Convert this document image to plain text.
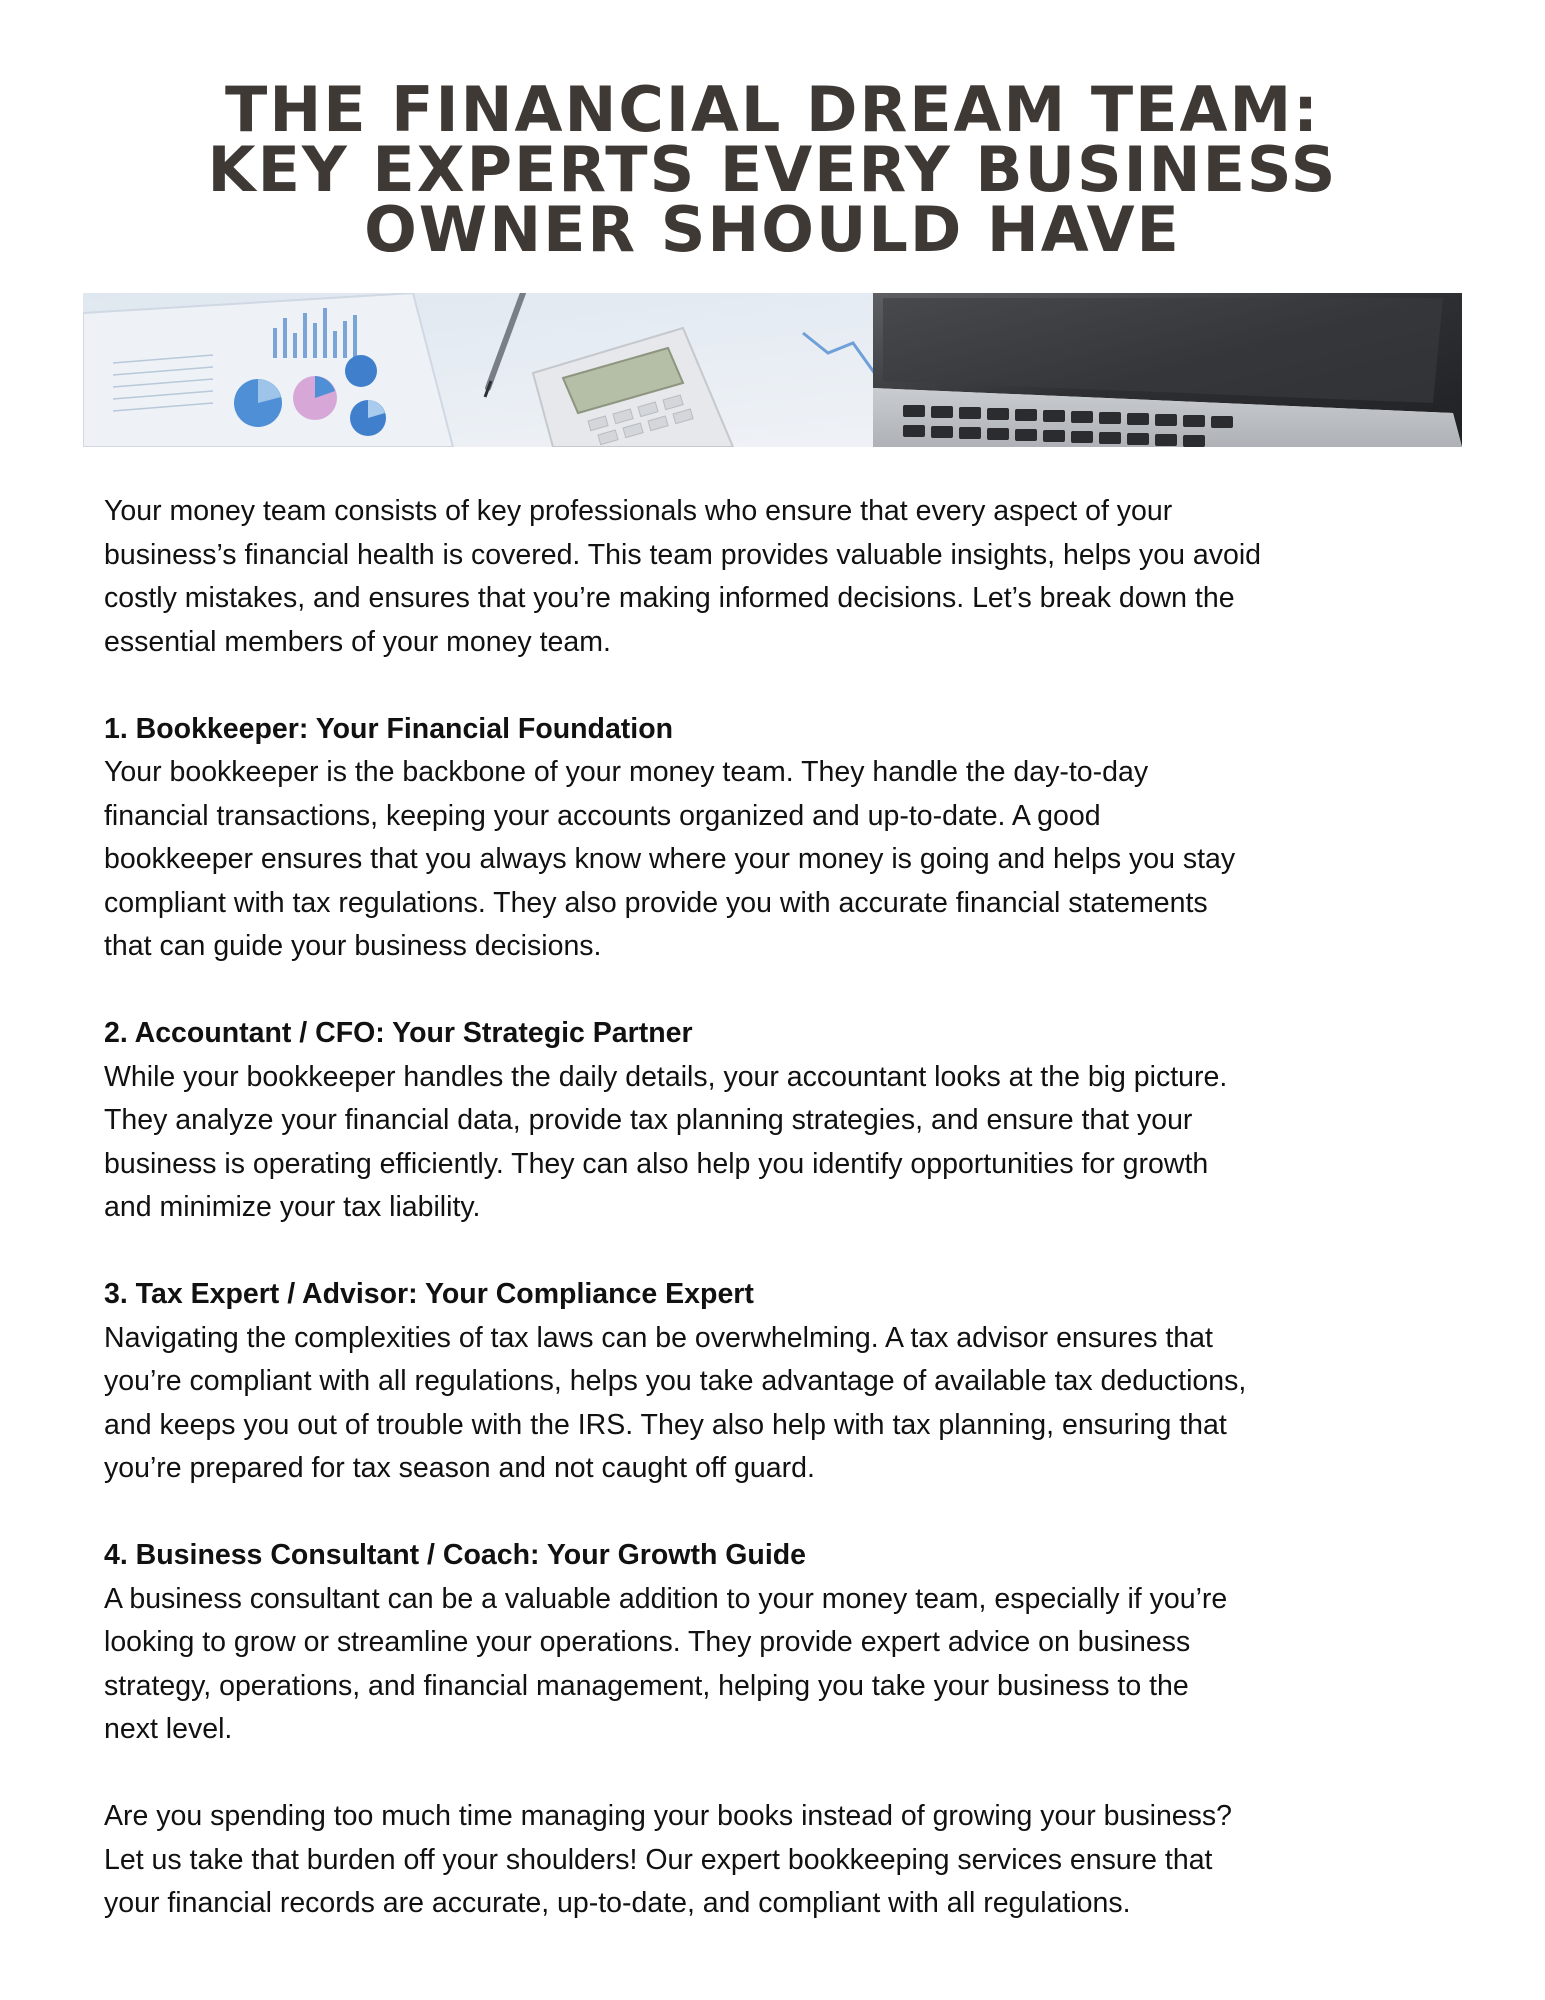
THE FINANCIAL DREAM TEAM:
KEY EXPERTS EVERY BUSINESS
OWNER SHOULD HAVE

Your money team consists of key professionals who ensure that every aspect of your
business’s financial health is covered. This team provides valuable insights, helps you avoid
costly mistakes, and ensures that you’re making informed decisions. Let’s break down the
essential members of your money team.

1. Bookkeeper: Your Financial Foundation

Your bookkeeper is the backbone of your money team. They handle the day-to-day
financial transactions, keeping your accounts organized and up-to-date. A good
bookkeeper ensures that you always know where your money is going and helps you stay
compliant with tax regulations. They also provide you with accurate financial statements
that can guide your business decisions.

2. Accountant / CFO: Your Strategic Partner

While your bookkeeper handles the daily details, your accountant looks at the big picture.
They analyze your financial data, provide tax planning strategies, and ensure that your
business is operating efficiently. They can also help you identify opportunities for growth
and minimize your tax liability.

3. Tax Expert / Advisor: Your Compliance Expert

Navigating the complexities of tax laws can be overwhelming. A tax advisor ensures that
you’re compliant with all regulations, helps you take advantage of available tax deductions,
and keeps you out of trouble with the IRS. They also help with tax planning, ensuring that
you’re prepared for tax season and not caught off guard.

4. Business Consultant / Coach: Your Growth Guide

A business consultant can be a valuable addition to your money team, especially if you’re
looking to grow or streamline your operations. They provide expert advice on business
strategy, operations, and financial management, helping you take your business to the
next level.

Are you spending too much time managing your books instead of growing your business?
Let us take that burden off your shoulders! Our expert bookkeeping services ensure that
your financial records are accurate, up-to-date, and compliant with all regulations.
